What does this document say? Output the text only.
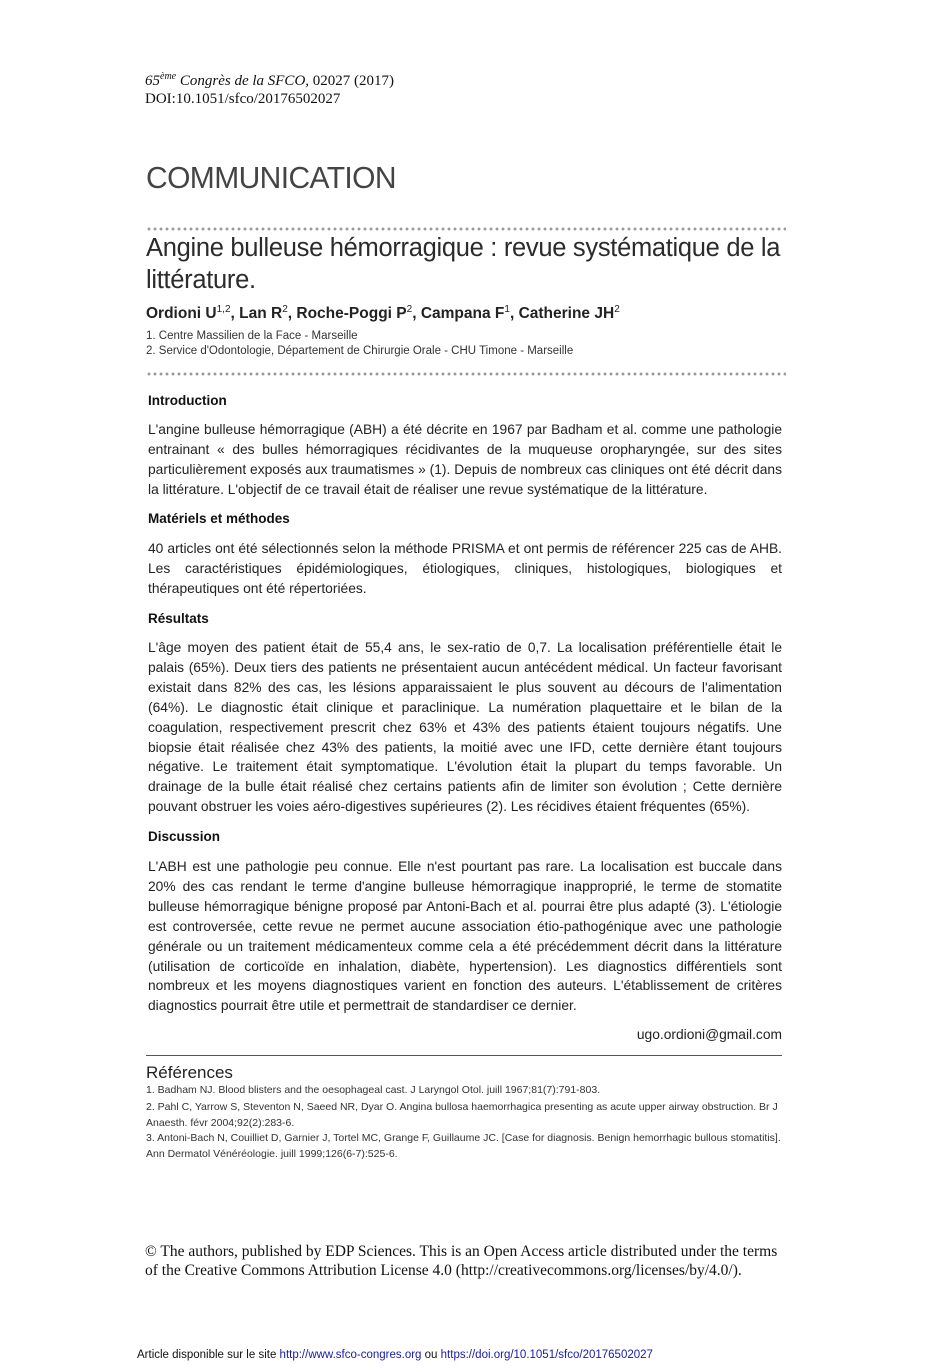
65ème Congrès de la SFCO, 02027 (2017)
DOI:10.1051/sfco/20176502027
COMMUNICATION
Angine bulleuse hémorragique : revue systématique de la littérature.
Ordioni U$^{1,2}$, Lan $R^2$, Roche-Poggi $P^2$, Campana $F^1$, Catherine $JH^2$
1. Centre Massilien de la Face - Marseille
2. Service d'Odontologie, Département de Chirurgie Orale - CHU Timone - Marseille
Introduction
L'angine bulleuse hémorragique (ABH) a été décrite en 1967 par Badham et al. comme une pathologie entrainant « des bulles hémorragiques récidivantes de la muqueuse oropharyngée, sur des sites particulièrement exposés aux traumatismes » (1). Depuis de nombreux cas cliniques ont été décrit dans la littérature. L'objectif de ce travail était de réaliser une revue systématique de la littérature.
Matériels et méthodes
40 articles ont été sélectionnés selon la méthode PRISMA et ont permis de référencer 225 cas de AHB. Les caractéristiques épidémiologiques, étiologiques, cliniques, histologiques, biologiques et thérapeutiques ont été répertoriées.
Résultats
L'âge moyen des patient était de 55,4 ans, le sex-ratio de 0,7. La localisation préférentielle était le palais (65%). Deux tiers des patients ne présentaient aucun antécédent médical. Un facteur favorisant existait dans 82% des cas, les lésions apparaissaient le plus souvent au décours de l'alimentation (64%). Le diagnostic était clinique et paraclinique. La numération plaquettaire et le bilan de la coagulation, respectivement prescrit chez 63% et 43% des patients étaient toujours négatifs. Une biopsie était réalisée chez 43% des patients, la moitié avec une IFD, cette dernière étant toujours négative. Le traitement était symptomatique. L'évolution était la plupart du temps favorable. Un drainage de la bulle était réalisé chez certains patients afin de limiter son évolution ; Cette dernière pouvant obstruer les voies aéro-digestives supérieures (2). Les récidives étaient fréquentes (65%).
Discussion
L'ABH est une pathologie peu connue. Elle n'est pourtant pas rare. La localisation est buccale dans 20% des cas rendant le terme d'angine bulleuse hémorragique inapproprié, le terme de stomatite bulleuse hémorragique bénigne proposé par Antoni-Bach et al. pourrai être plus adapté (3). L'étiologie est controversée, cette revue ne permet aucune association étio-pathogénique avec une pathologie générale ou un traitement médicamenteux comme cela a été précédemment décrit dans la littérature (utilisation de corticoïde en inhalation, diabète, hypertension). Les diagnostics différentiels sont nombreux et les moyens diagnostiques varient en fonction des auteurs. L'établissement de critères diagnostics pourrait être utile et permettrait de standardiser ce dernier.
ugo.ordioni@gmail.com
Références
1. Badham NJ. Blood blisters and the oesophageal cast. J Laryngol Otol. juill 1967;81(7):791-803.
2. Pahl C, Yarrow S, Steventon N, Saeed NR, Dyar O. Angina bullosa haemorrhagica presenting as acute upper airway obstruction. Br J Anaesth. févr 2004;92(2):283-6.
3. Antoni-Bach N, Couilliet D, Garnier J, Tortel MC, Grange F, Guillaume JC. [Case for diagnosis. Benign hemorrhagic bullous stomatitis]. Ann Dermatol Vénéréologie. juill 1999;126(6-7):525-6.
© The authors, published by EDP Sciences. This is an Open Access article distributed under the terms of the Creative Commons Attribution License 4.0 (http://creativecommons.org/licenses/by/4.0/).
Article disponible sur le site http://www.sfco-congres.org ou https://doi.org/10.1051/sfco/20176502027
